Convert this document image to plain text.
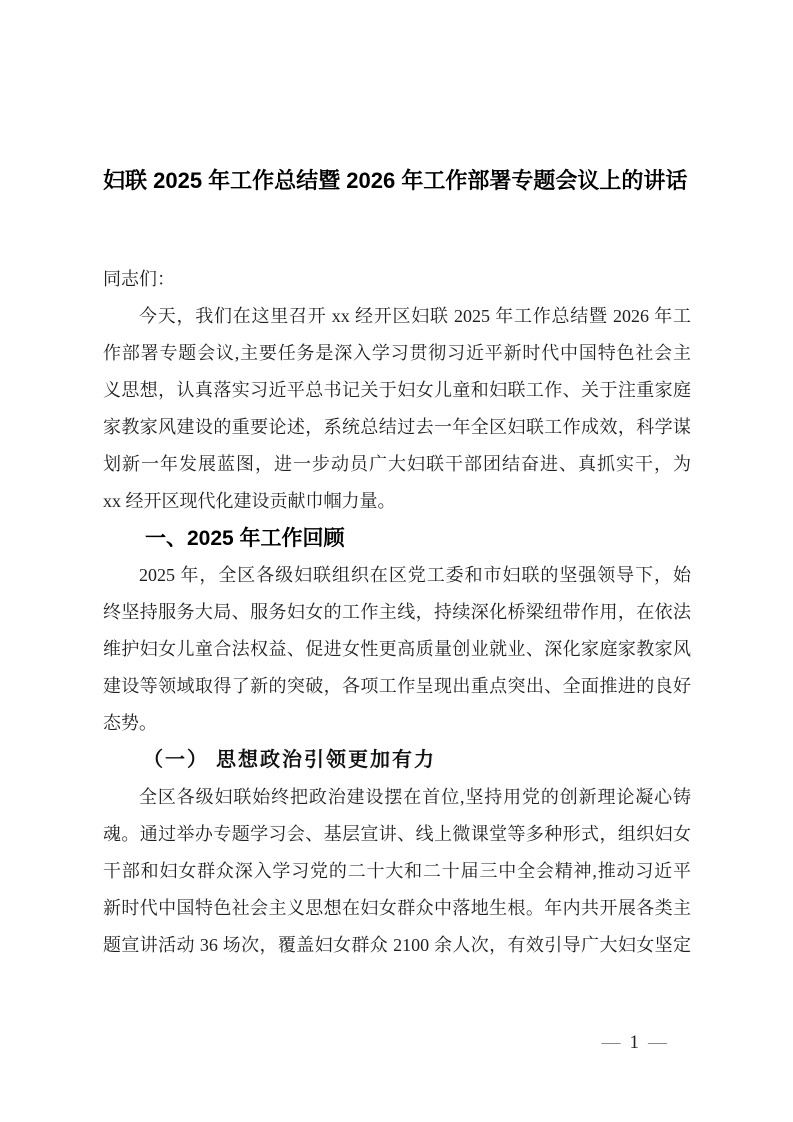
妇联 2025 年工作总结暨 2026 年工作部署专题会议上的讲话
同志们：
今天，我们在这里召开 xx 经开区妇联 2025 年工作总结暨 2026 年工
作部署专题会议,主要任务是深入学习贯彻习近平新时代中国特色社会主
义思想，认真落实习近平总书记关于妇女儿童和妇联工作、关于注重家庭
家教家风建设的重要论述，系统总结过去一年全区妇联工作成效，科学谋
划新一年发展蓝图，进一步动员广大妇联干部团结奋进、真抓实干，为
xx 经开区现代化建设贡献巾帼力量。
一、2025 年工作回顾
2025 年，全区各级妇联组织在区党工委和市妇联的坚强领导下，始
终坚持服务大局、服务妇女的工作主线，持续深化桥梁纽带作用，在依法
维护妇女儿童合法权益、促进女性更高质量创业就业、深化家庭家教家风
建设等领域取得了新的突破，各项工作呈现出重点突出、全面推进的良好
态势。
（一） 思想政治引领更加有力
全区各级妇联始终把政治建设摆在首位,坚持用党的创新理论凝心铸
魂。通过举办专题学习会、基层宣讲、线上微课堂等多种形式，组织妇女
干部和妇女群众深入学习党的二十大和二十届三中全会精神,推动习近平
新时代中国特色社会主义思想在妇女群众中落地生根。年内共开展各类主
题宣讲活动 36 场次，覆盖妇女群众 2100 余人次，有效引导广大妇女坚定
— 1 —
